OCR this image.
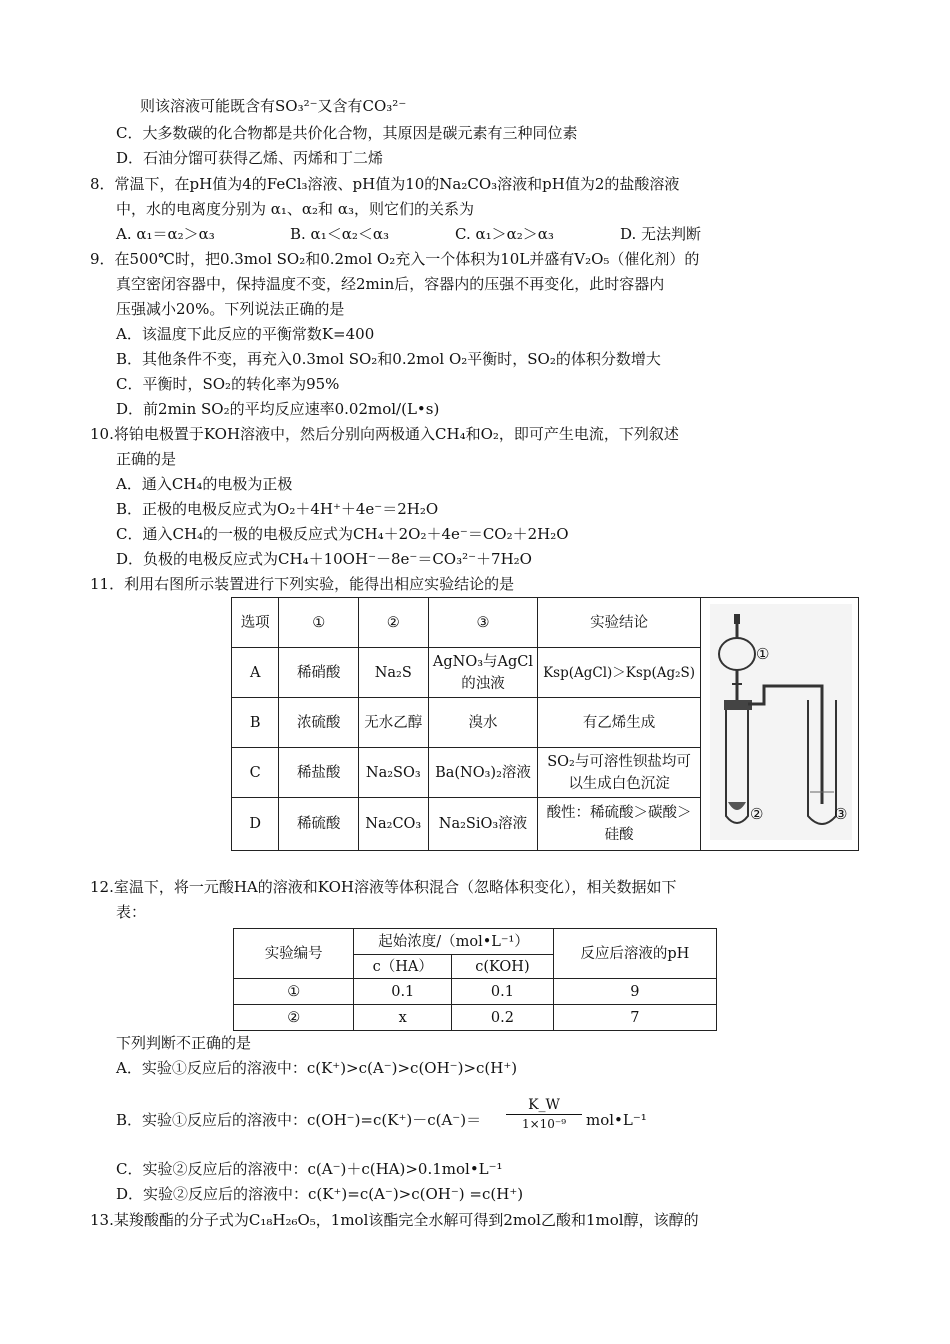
则该溶液可能既含有SO₃²⁻又含有CO₃²⁻
C．大多数碳的化合物都是共价化合物，其原因是碳元素有三种同位素
D．石油分馏可获得乙烯、丙烯和丁二烯
8．常温下，在pH值为4的FeCl₃溶液、pH值为10的Na₂CO₃溶液和pH值为2的盐酸溶液
中，水的电离度分别为 α₁、α₂和 α₃，则它们的关系为
A. α₁＝α₂＞α₃	B. α₁＜α₂＜α₃	C. α₁＞α₂＞α₃	D. 无法判断
9．在500℃时，把0.3mol SO₂和0.2mol O₂充入一个体积为10L并盛有V₂O₅（催化剂）的
真空密闭容器中，保持温度不变，经2min后，容器内的压强不再变化，此时容器内
压强减小20%。下列说法正确的是
A．该温度下此反应的平衡常数K=400
B．其他条件不变，再充入0.3mol SO₂和0.2mol O₂平衡时，SO₂的体积分数增大
C．平衡时，SO₂的转化率为95%
D．前2min SO₂的平均反应速率0.02mol/(L•s)
10.将铂电极置于KOH溶液中，然后分别向两极通入CH₄和O₂，即可产生电流，下列叙述
正确的是
A．通入CH₄的电极为正极
B．正极的电极反应式为O₂＋4H⁺＋4e⁻＝2H₂O
C．通入CH₄的一极的电极反应式为CH₄＋2O₂＋4e⁻＝CO₂＋2H₂O
D．负极的电极反应式为CH₄＋10OH⁻－8e⁻＝CO₃²⁻＋7H₂O
11．利用右图所示装置进行下列实验，能得出相应实验结论的是
选项	①	②	③	实验结论	
A	稀硝酸	Na₂S	AgNO₃与AgCl的浊液	Ksp(AgCl)＞Ksp(Ag₂S)	
B	浓硫酸	无水乙醇	溴水	有乙烯生成	
C	稀盐酸	Na₂SO₃	Ba(NO₃)₂溶液	SO₂与可溶性钡盐均可以生成白色沉淀	
D	稀硫酸	Na₂CO₃	Na₂SiO₃溶液	酸性：稀硫酸＞碳酸＞硅酸	
①
②	③
12.室温下，将一元酸HA的溶液和KOH溶液等体积混合（忽略体积变化），相关数据如下
表：
实验编号	起始浓度/（mol•L⁻¹）		反应后溶液的pH
	c（HA）	c(KOH)	
①	0.1	0.1	9
②	x	0.2	7
下列判断不正确的是
A．实验①反应后的溶液中：c(K⁺)>c(A⁻)>c(OH⁻)>c(H⁺)
B．实验①反应后的溶液中：$c(OH^-)=c(K^+)-c(A^-)= \frac{K\_W}{\text{1×10⁻⁹}}$ mol•L⁻¹
C．实验②反应后的溶液中：c(A⁻)＋c(HA)>0.1mol•L⁻¹
D．实验②反应后的溶液中：c(K⁺)=c(A⁻)>c(OH⁻) =c(H⁺)
13.某羧酸酯的分子式为C₁₈H₂₆O₅，1mol该酯完全水解可得到2mol乙酸和1mol醇，该醇的
